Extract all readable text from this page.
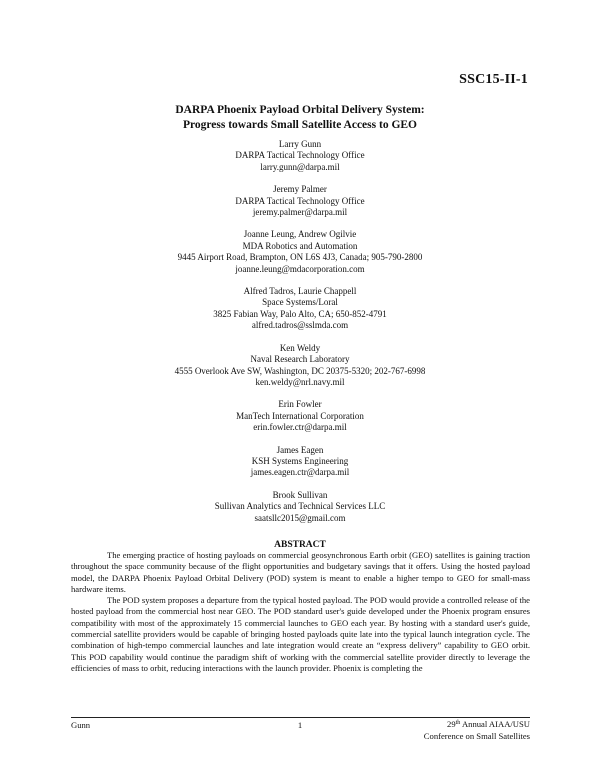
SSC15-II-1
DARPA Phoenix Payload Orbital Delivery System:
Progress towards Small Satellite Access to GEO
Larry Gunn
DARPA Tactical Technology Office
larry.gunn@darpa.mil
Jeremy Palmer
DARPA Tactical Technology Office
jeremy.palmer@darpa.mil
Joanne Leung, Andrew Ogilvie
MDA Robotics and Automation
9445 Airport Road, Brampton, ON L6S 4J3, Canada; 905-790-2800
joanne.leung@mdacorporation.com
Alfred Tadros, Laurie Chappell
Space Systems/Loral
3825 Fabian Way, Palo Alto, CA; 650-852-4791
alfred.tadros@sslmda.com
Ken Weldy
Naval Research Laboratory
4555 Overlook Ave SW, Washington, DC 20375-5320; 202-767-6998
ken.weldy@nrl.navy.mil
Erin Fowler
ManTech International Corporation
erin.fowler.ctr@darpa.mil
James Eagen
KSH Systems Engineering
james.eagen.ctr@darpa.mil
Brook Sullivan
Sullivan Analytics and Technical Services LLC
saatsllc2015@gmail.com
ABSTRACT

The emerging practice of hosting payloads on commercial geosynchronous Earth orbit (GEO) satellites is gaining traction throughout the space community because of the flight opportunities and budgetary savings that it offers. Using the hosted payload model, the DARPA Phoenix Payload Orbital Delivery (POD) system is meant to enable a higher tempo to GEO for small-mass hardware items.

The POD system proposes a departure from the typical hosted payload. The POD would provide a controlled release of the hosted payload from the commercial host near GEO. The POD standard user's guide developed under the Phoenix program ensures compatibility with most of the approximately 15 commercial launches to GEO each year. By hosting with a standard user's guide, commercial satellite providers would be capable of bringing hosted payloads quite late into the typical launch integration cycle. The combination of high-tempo commercial launches and late integration would create an “express delivery” capability to GEO orbit. This POD capability would continue the paradigm shift of working with the commercial satellite provider directly to leverage the efficiencies of mass to orbit, reducing interactions with the launch provider. Phoenix is completing the

Gunn	1	29th Annual AIAA/USU
Conference on Small Satellites
